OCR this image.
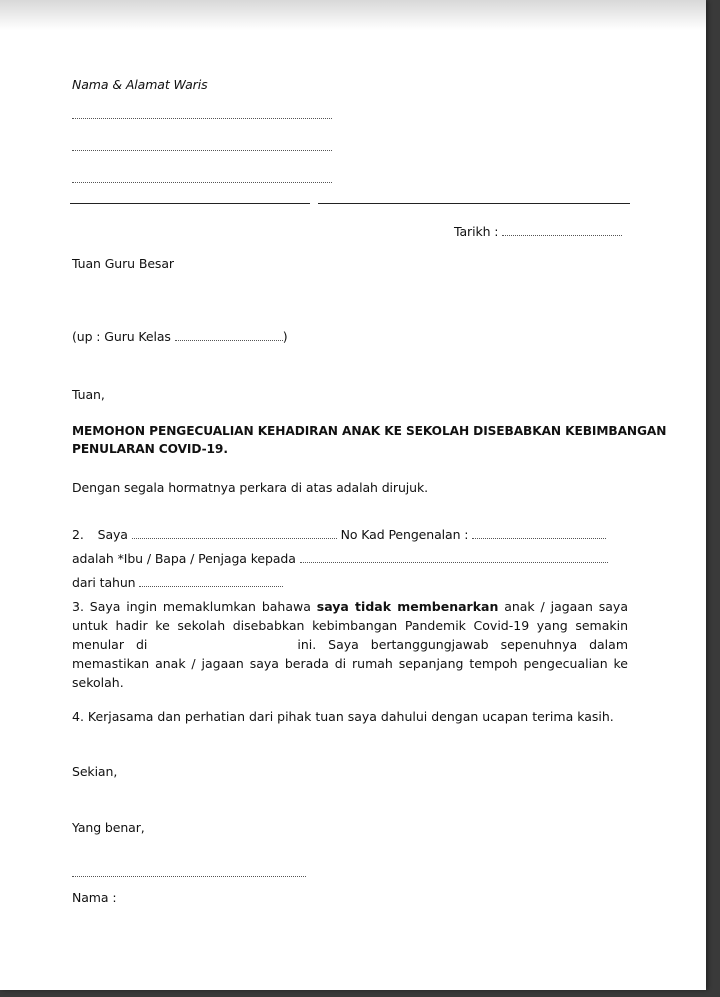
Nama & Alamat Waris
Tarikh :
Tuan Guru Besar
(up : Guru Kelas	)
Tuan,
MEMOHON PENGECUALIAN KEHADIRAN ANAK KE SEKOLAH DISEBABKAN KEBIMBANGAN
PENULARAN COVID-19.
Dengan segala hormatnya perkara di atas adalah dirujuk.
2. Saya	No Kad Pengenalan :
adalah *Ibu / Bapa / Penjaga kepada
dari tahun
3. Saya ingin memaklumkan bahawa saya tidak membenarkan anak / jagaan saya untuk hadir ke sekolah disebabkan kebimbangan Pandemik Covid-19 yang semakin menular di	ini. Saya bertanggungjawab sepenuhnya dalam memastikan anak / jagaan saya berada di rumah sepanjang tempoh pengecualian ke sekolah.
4. Kerjasama dan perhatian dari pihak tuan saya dahului dengan ucapan terima kasih.
Sekian,
Yang benar,
Nama :
